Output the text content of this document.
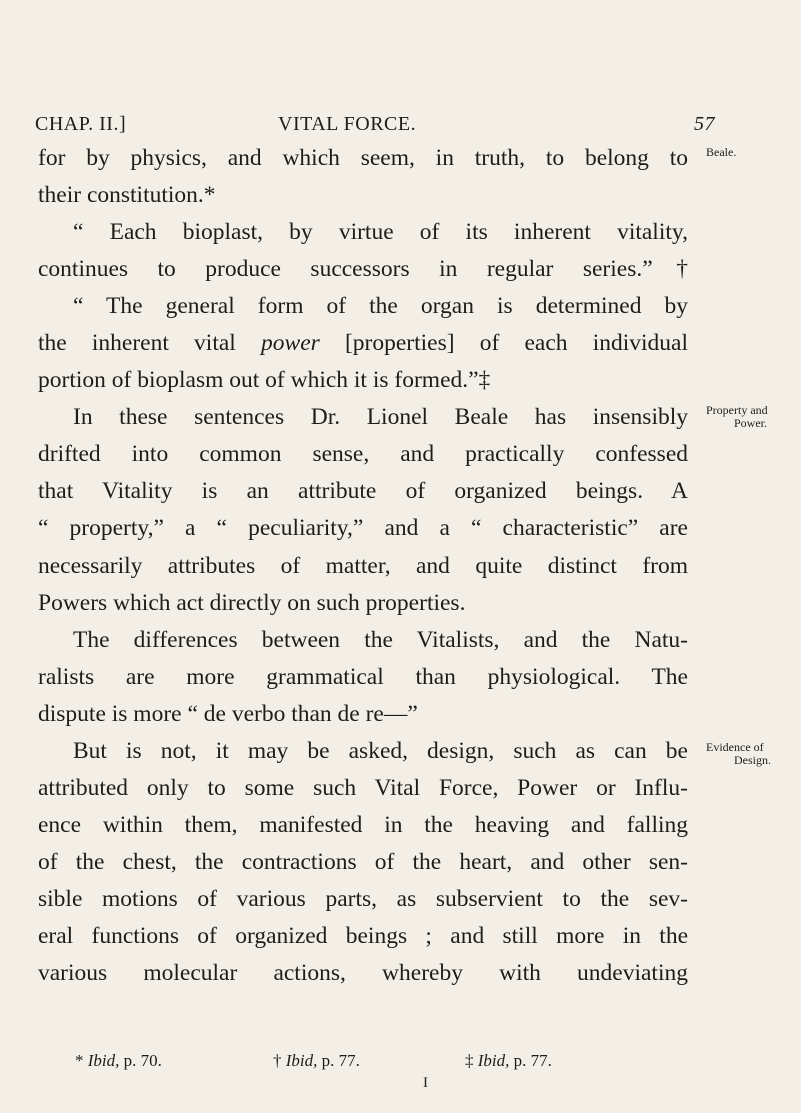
CHAP. II.]	VITAL FORCE.	57
for by physics, and which seem, in truth, to belong to
their constitution.*
“ Each bioplast, by virtue of its inherent vitality,
continues to produce successors in regular series.”†
“ The general form of the organ is determined by
the inherent vital power [properties] of each individual
portion of bioplasm out of which it is formed.”‡
In these sentences Dr. Lionel Beale has insensibly
drifted into common sense, and practically confessed
that Vitality is an attribute of organized beings. A
“ property,” a “ peculiarity,” and a “ characteristic” are
necessarily attributes of matter, and quite distinct from
Powers which act directly on such properties.
The differences between the Vitalists, and the Natu-
ralists are more grammatical than physiological. The
dispute is more “ de verbo than de re—”
But is not, it may be asked, design, such as can be
attributed only to some such Vital Force, Power or Influ-
ence within them, manifested in the heaving and falling
of the chest, the contractions of the heart, and other sen-
sible motions of various parts, as subservient to the sev-
eral functions of organized beings ; and still more in the
various molecular actions, whereby with undeviating
Beale.
Property and
Power.
Evidence of
Design.
* Ibid, p. 70.	† Ibid, p. 77.	‡ Ibid, p. 77.
I
